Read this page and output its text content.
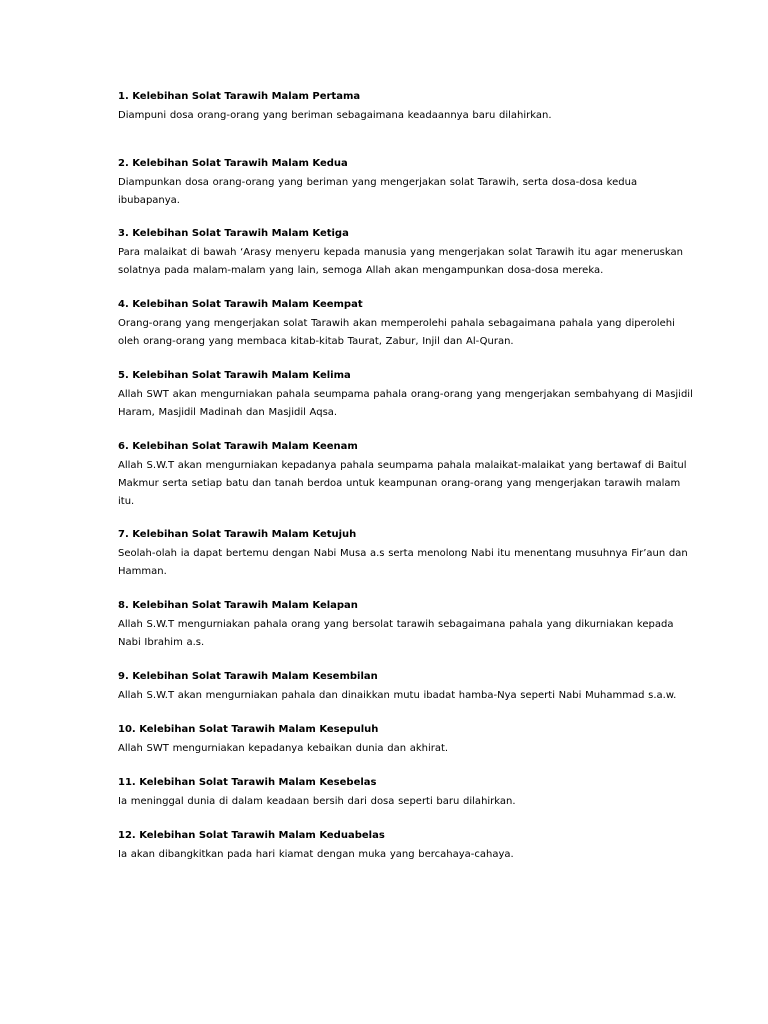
1. Kelebihan Solat Tarawih Malam Pertama
Diampuni dosa orang-orang yang beriman sebagaimana keadaannya baru dilahirkan.
2. Kelebihan Solat Tarawih Malam Kedua
Diampunkan dosa orang-orang yang beriman yang mengerjakan solat Tarawih, serta dosa-dosa kedua
ibubapanya.
3. Kelebihan Solat Tarawih Malam Ketiga
Para malaikat di bawah ‘Arasy menyeru kepada manusia yang mengerjakan solat Tarawih itu agar meneruskan
solatnya pada malam-malam yang lain, semoga Allah akan mengampunkan dosa-dosa mereka.
4. Kelebihan Solat Tarawih Malam Keempat
Orang-orang yang mengerjakan solat Tarawih akan memperolehi pahala sebagaimana pahala yang diperolehi
oleh orang-orang yang membaca kitab-kitab Taurat, Zabur, Injil dan Al-Quran.
5. Kelebihan Solat Tarawih Malam Kelima
Allah SWT akan mengurniakan pahala seumpama pahala orang-orang yang mengerjakan sembahyang di Masjidil
Haram, Masjidil Madinah dan Masjidil Aqsa.
6. Kelebihan Solat Tarawih Malam Keenam
Allah S.W.T akan mengurniakan kepadanya pahala seumpama pahala malaikat-malaikat yang bertawaf di Baitul
Makmur serta setiap batu dan tanah berdoa untuk keampunan orang-orang yang mengerjakan tarawih malam
itu.
7. Kelebihan Solat Tarawih Malam Ketujuh
Seolah-olah ia dapat bertemu dengan Nabi Musa a.s serta menolong Nabi itu menentang musuhnya Fir’aun dan
Hamman.
8. Kelebihan Solat Tarawih Malam Kelapan
Allah S.W.T mengurniakan pahala orang yang bersolat tarawih sebagaimana pahala yang dikurniakan kepada
Nabi Ibrahim a.s.
9. Kelebihan Solat Tarawih Malam Kesembilan
Allah S.W.T akan mengurniakan pahala dan dinaikkan mutu ibadat hamba-Nya seperti Nabi Muhammad s.a.w.
10. Kelebihan Solat Tarawih Malam Kesepuluh
Allah SWT mengurniakan kepadanya kebaikan dunia dan akhirat.
11. Kelebihan Solat Tarawih Malam Kesebelas
Ia meninggal dunia di dalam keadaan bersih dari dosa seperti baru dilahirkan.
12. Kelebihan Solat Tarawih Malam Keduabelas
Ia akan dibangkitkan pada hari kiamat dengan muka yang bercahaya-cahaya.
